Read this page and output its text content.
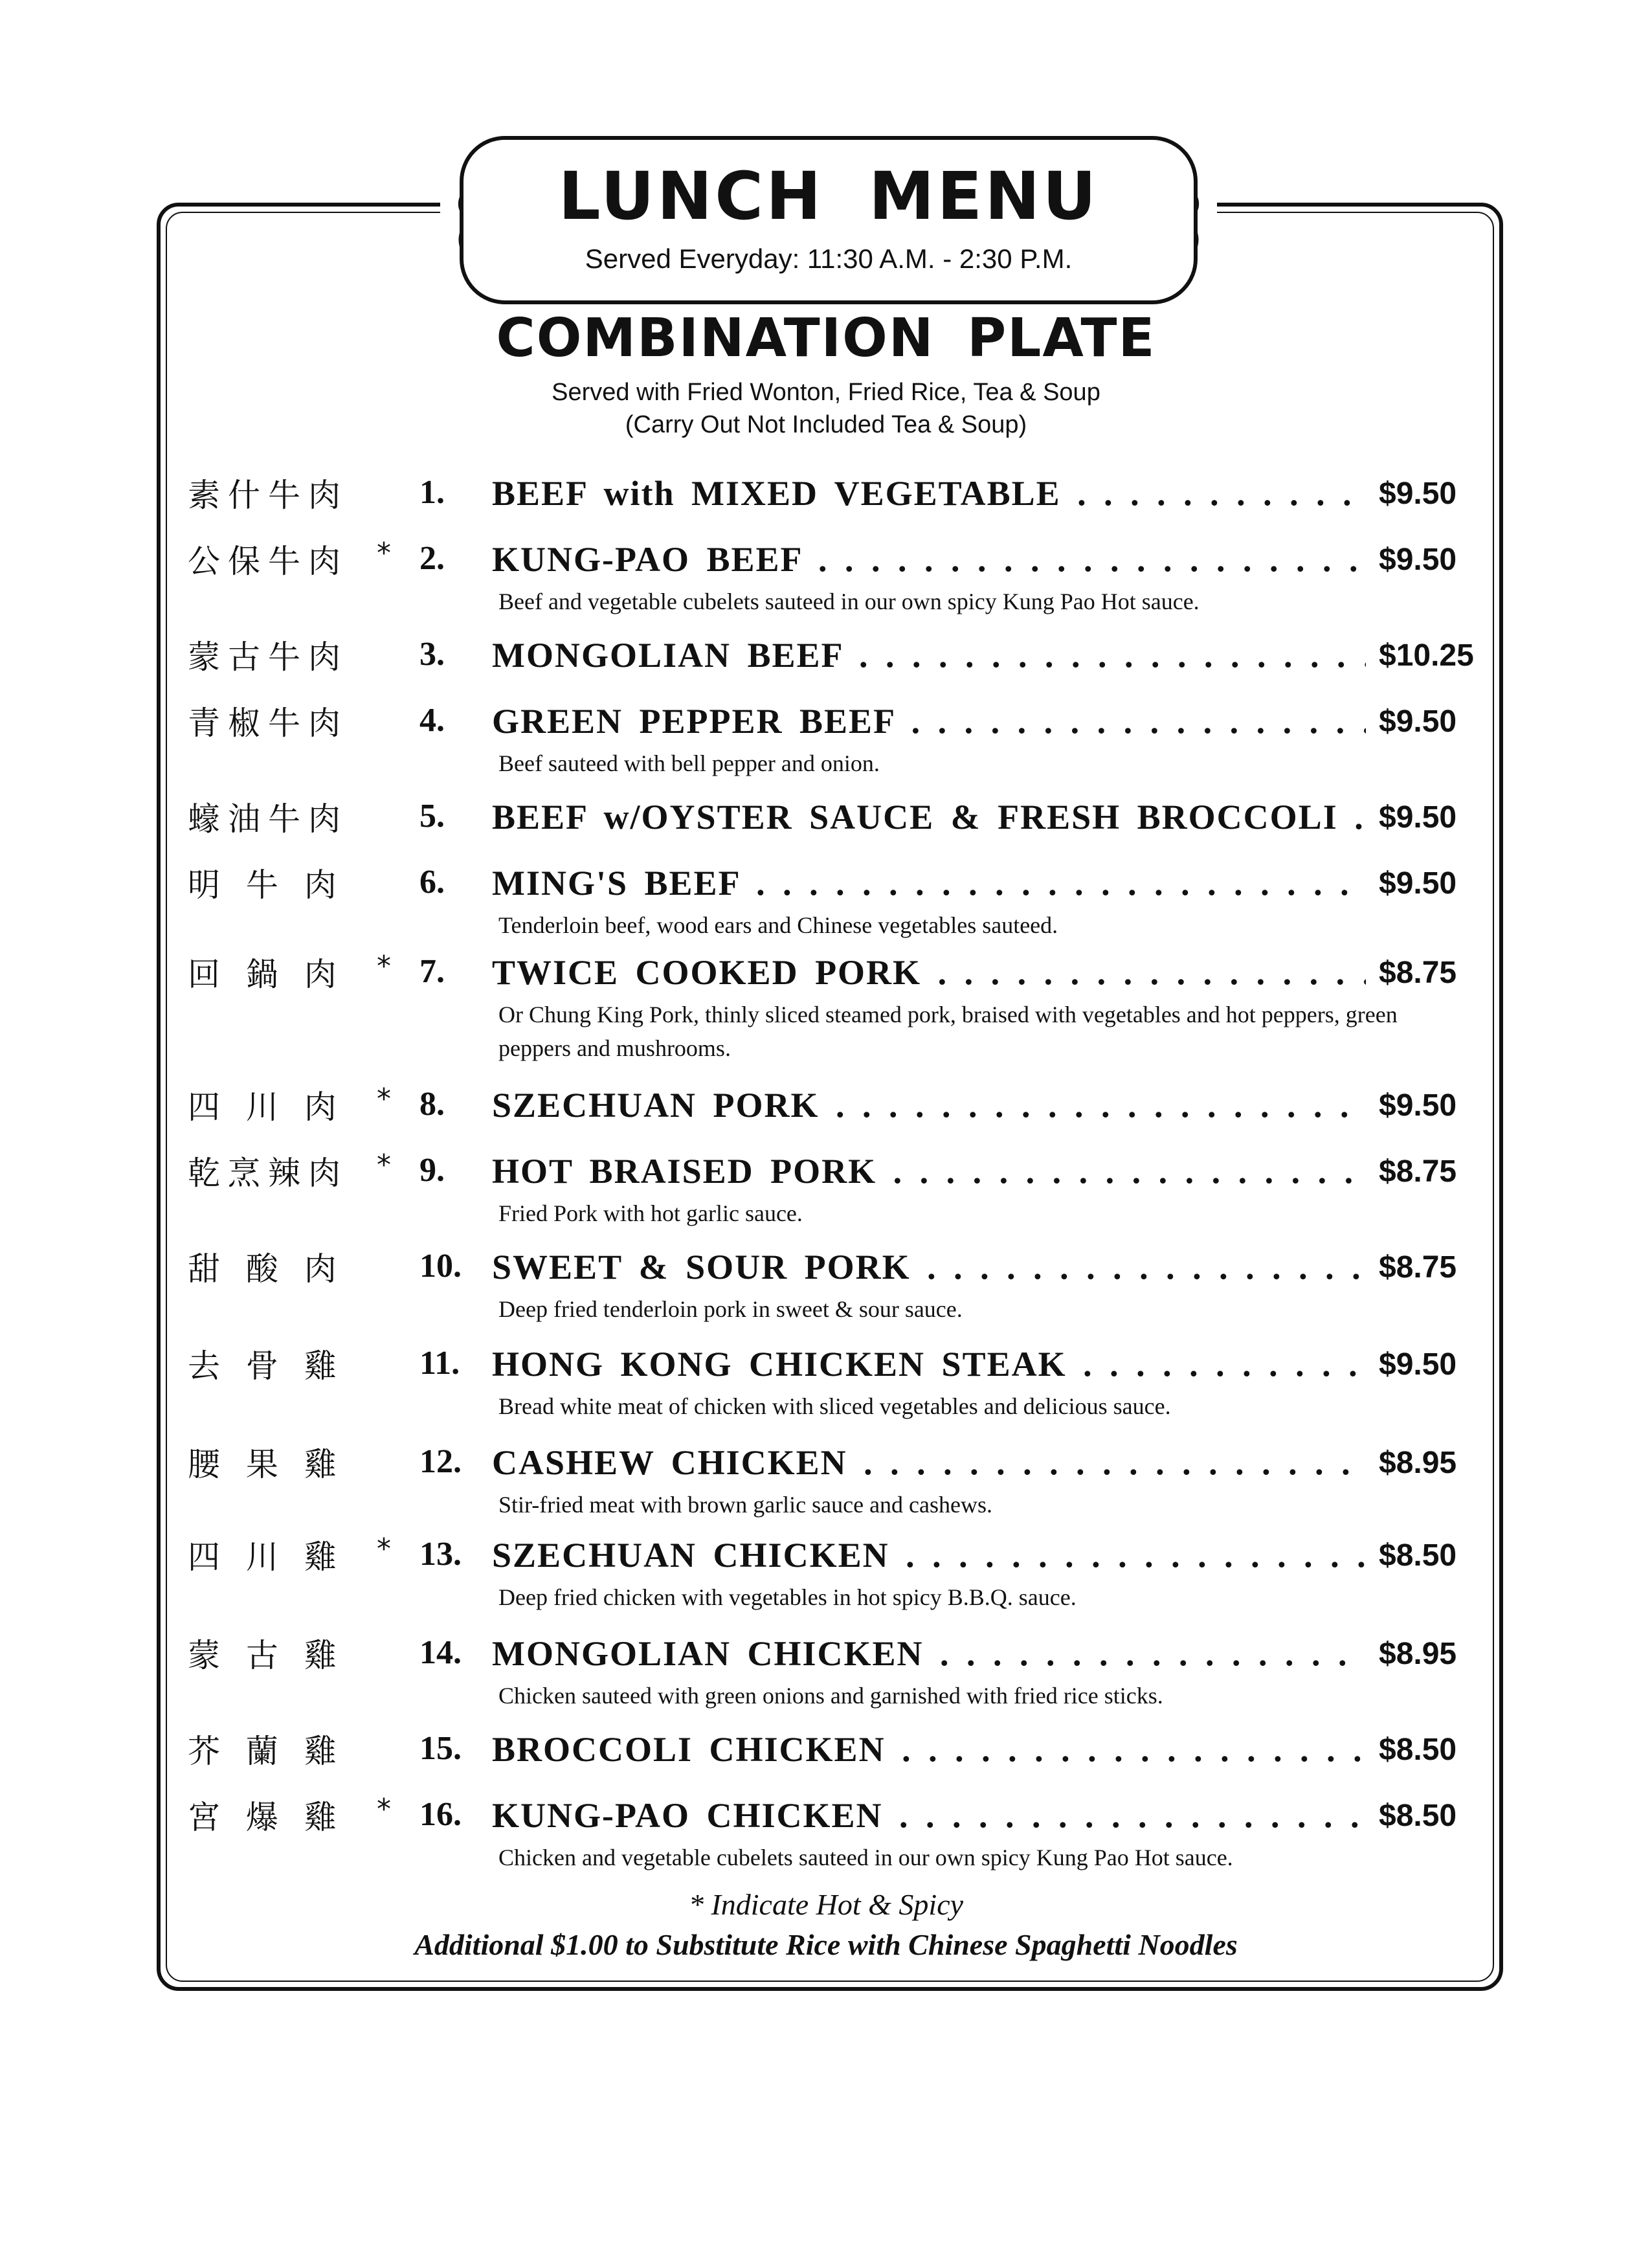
LUNCH MENU
Served Everyday: 11:30 A.M. - 2:30 P.M.
COMBINATION PLATE
Served with Fried Wonton, Fried Rice, Tea & Soup
(Carry Out Not Included Tea & Soup)
素什牛肉	1. BEEF with MIXED VEGETABLE . . .	$9.50
公保牛肉	* 2. KUNG-PAO BEEF . . .	$9.50
Beef and vegetable cubelets sauteed in our own spicy Kung Pao Hot sauce.
蒙古牛肉	3. MONGOLIAN BEEF . . .	$10.25
青椒牛肉	4. GREEN PEPPER BEEF . . .	$9.50
Beef sauteed with bell pepper and onion.
蠔油牛肉	5. BEEF w/OYSTER SAUCE & FRESH BROCCOLI . . .	$9.50
明 牛 肉	6. MING'S BEEF . . .	$9.50
Tenderloin beef, wood ears and Chinese vegetables sauteed.
回 鍋 肉	* 7. TWICE COOKED PORK . . .	$8.75
Or Chung King Pork, thinly sliced steamed pork, braised with vegetables and hot peppers, green peppers and mushrooms.
四 川 肉	* 8. SZECHUAN PORK . . .	$9.50
乾烹辣肉	* 9. HOT BRAISED PORK . . .	$8.75
Fried Pork with hot garlic sauce.
甜 酸 肉	10. SWEET & SOUR PORK . . .	$8.75
Deep fried tenderloin pork in sweet & sour sauce.
去 骨 雞	11. HONG KONG CHICKEN STEAK . . .	$9.50
Bread white meat of chicken with sliced vegetables and delicious sauce.
腰 果 雞	12. CASHEW CHICKEN . . .	$8.95
Stir-fried meat with brown garlic sauce and cashews.
四 川 雞	* 13. SZECHUAN CHICKEN . . .	$8.50
Deep fried chicken with vegetables in hot spicy B.B.Q. sauce.
蒙 古 雞	14. MONGOLIAN CHICKEN . . .	$8.95
Chicken sauteed with green onions and garnished with fried rice sticks.
芥 蘭 雞	15. BROCCOLI CHICKEN . . .	$8.50
宮 爆 雞	* 16. KUNG-PAO CHICKEN . . .	$8.50
Chicken and vegetable cubelets sauteed in our own spicy Kung Pao Hot sauce.
* Indicate Hot & Spicy
Additional $1.00 to Substitute Rice with Chinese Spaghetti Noodles
